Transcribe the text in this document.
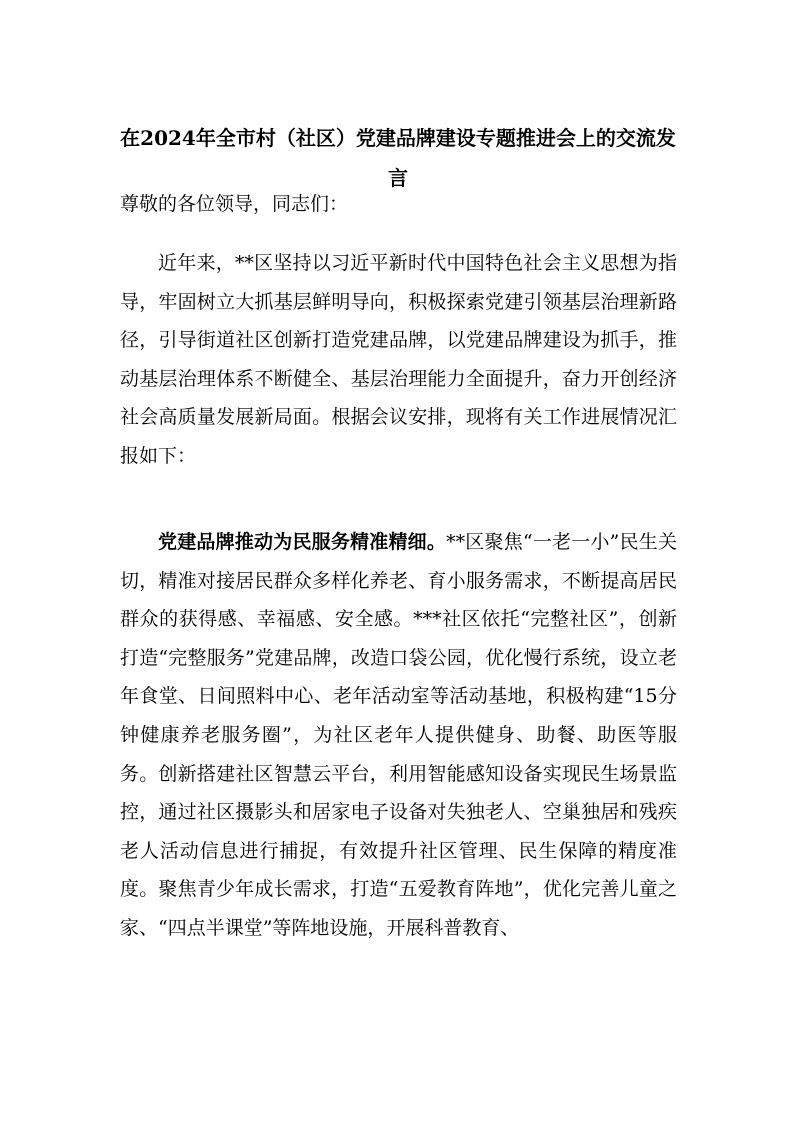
在2024年全市村（社区）党建品牌建设专题推进会上的交流发言
尊敬的各位领导，同志们：
近年来，**区坚持以习近平新时代中国特色社会主义思想为指导，牢固树立大抓基层鲜明导向，积极探索党建引领基层治理新路径，引导街道社区创新打造党建品牌，以党建品牌建设为抓手，推动基层治理体系不断健全、基层治理能力全面提升，奋力开创经济社会高质量发展新局面。根据会议安排，现将有关工作进展情况汇报如下：
党建品牌推动为民服务精准精细。**区聚焦“一老一小”民生关切，精准对接居民群众多样化养老、育小服务需求，不断提高居民群众的获得感、幸福感、安全感。***社区依托“完整社区”，创新打造“完整服务”党建品牌，改造口袋公园，优化慢行系统，设立老年食堂、日间照料中心、老年活动室等活动基地，积极构建“15分钟健康养老服务圈”，为社区老年人提供健身、助餐、助医等服务。创新搭建社区智慧云平台，利用智能感知设备实现民生场景监控，通过社区摄影头和居家电子设备对失独老人、空巢独居和残疾老人活动信息进行捕捉，有效提升社区管理、民生保障的精度准度。聚焦青少年成长需求，打造“五爱教育阵地”，优化完善儿童之家、“四点半课堂”等阵地设施，开展科普教育、
